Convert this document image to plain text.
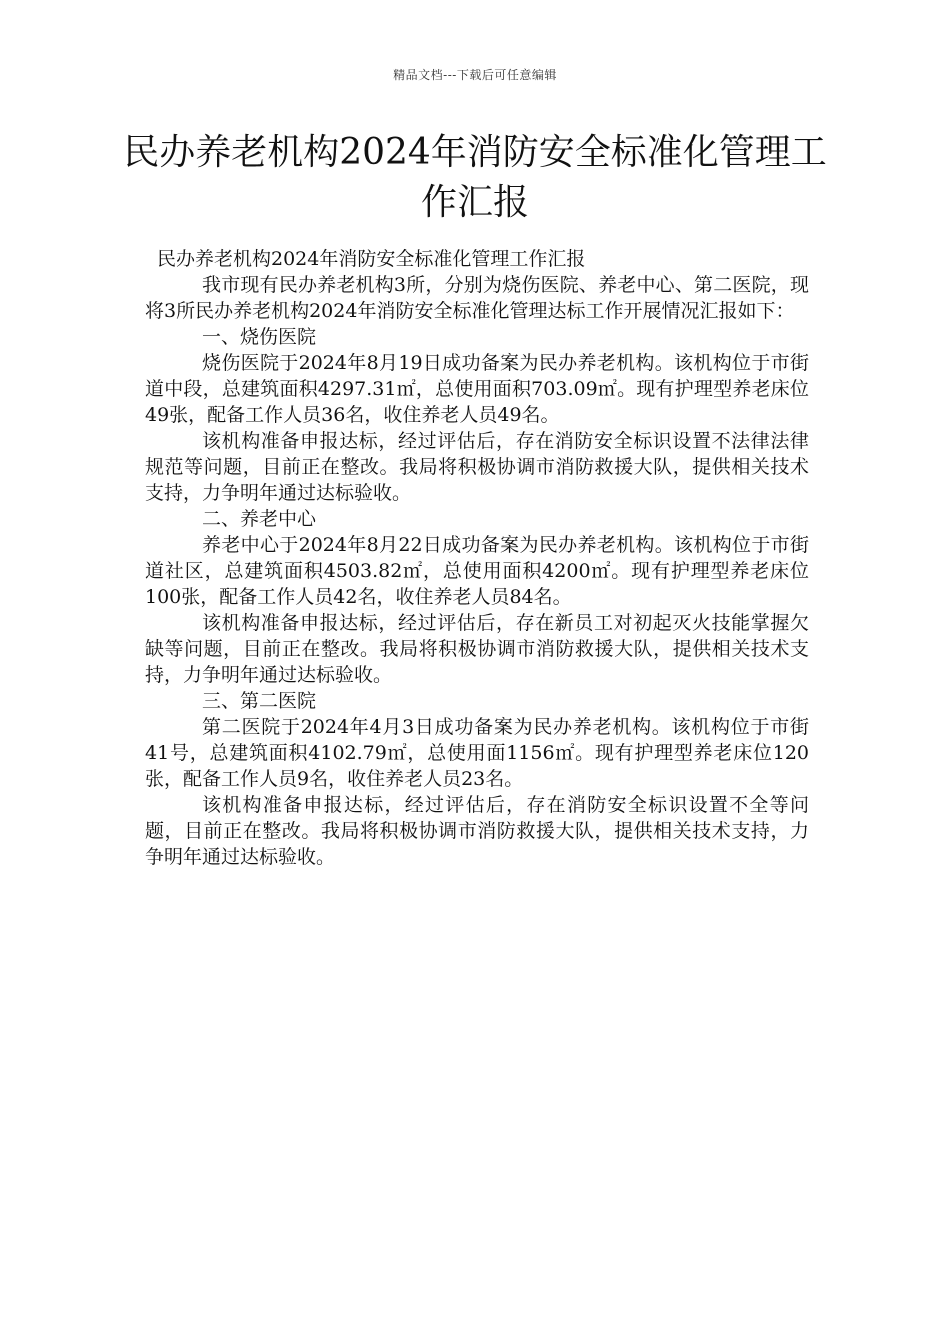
精品文档---下载后可任意编辑
民办养老机构2024年消防安全标准化管理工作汇报

民办养老机构2024年消防安全标准化管理工作汇报

我市现有民办养老机构3所，分别为烧伤医院、养老中心、第二医院，现将3所民办养老机构2024年消防安全标准化管理达标工作开展情况汇报如下：

一、烧伤医院

烧伤医院于2024年8月19日成功备案为民办养老机构。该机构位于市街道中段，总建筑面积4297.31㎡，总使用面积703.09㎡。现有护理型养老床位49张，配备工作人员36名，收住养老人员49名。

该机构准备申报达标，经过评估后，存在消防安全标识设置不法律法律规范等问题，目前正在整改。我局将积极协调市消防救援大队，提供相关技术支持，力争明年通过达标验收。

二、养老中心

养老中心于2024年8月22日成功备案为民办养老机构。该机构位于市街道社区，总建筑面积4503.82㎡，总使用面积4200㎡。现有护理型养老床位100张，配备工作人员42名，收住养老人员84名。

该机构准备申报达标，经过评估后，存在新员工对初起灭火技能掌握欠缺等问题，目前正在整改。我局将积极协调市消防救援大队，提供相关技术支持，力争明年通过达标验收。

三、第二医院

第二医院于2024年4月3日成功备案为民办养老机构。该机构位于市街41号，总建筑面积4102.79㎡，总使用面1156㎡。现有护理型养老床位120张，配备工作人员9名，收住养老人员23名。

该机构准备申报达标，经过评估后，存在消防安全标识设置不全等问题，目前正在整改。我局将积极协调市消防救援大队，提供相关技术支持，力争明年通过达标验收。
